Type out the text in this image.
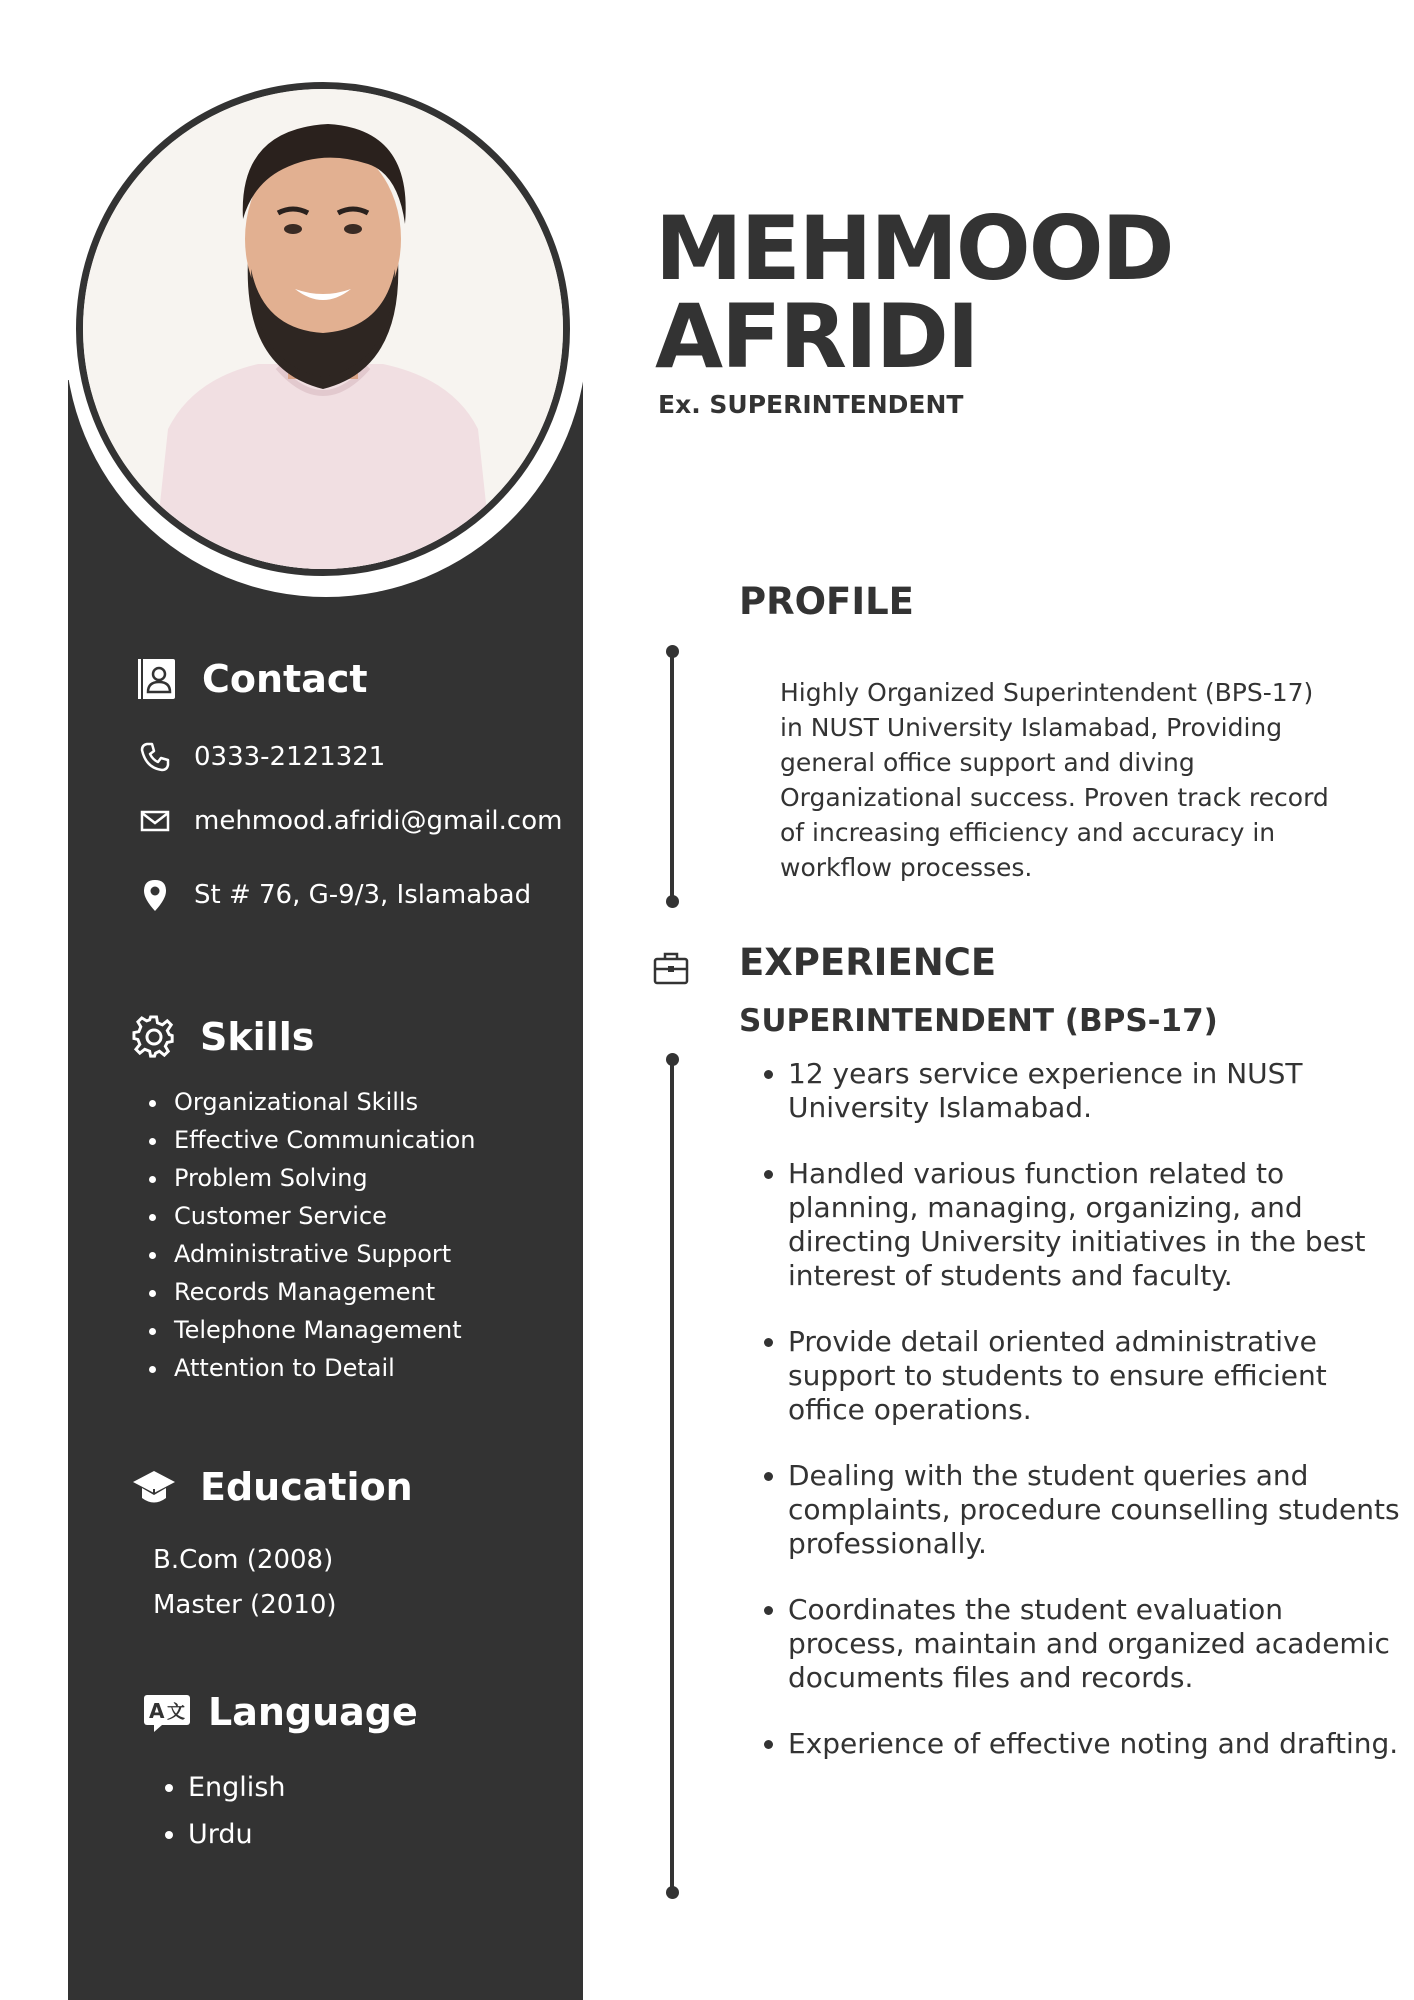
MEHMOOD
AFRIDI
Ex. SUPERINTENDENT
Contact
0333-2121321
mehmood.afridi@gmail.com
St # 76, G-9/3, Islamabad
Skills
• Organizational Skills
• Effective Communication
• Problem Solving
• Customer Service
• Administrative Support
• Records Management
• Telephone Management
• Attention to Detail
Education
B.Com (2008)
Master (2010)
A 文 Language
• English
• Urdu
PROFILE

Highly Organized Superintendent (BPS-17) in NUST University Islamabad, Providing general office support and diving Organizational success. Proven track record of increasing efficiency and accuracy in workflow processes.

EXPERIENCE
SUPERINTENDENT (BPS-17)
• 12 years service experience in NUST University Islamabad.
• Handled various function related to planning, managing, organizing, and directing University initiatives in the best interest of students and faculty.
• Provide detail oriented administrative support to students to ensure efficient office operations.
• Dealing with the student queries and complaints, procedure counselling students professionally.
• Coordinates the student evaluation process, maintain and organized academic documents files and records.
• Experience of effective noting and drafting.
